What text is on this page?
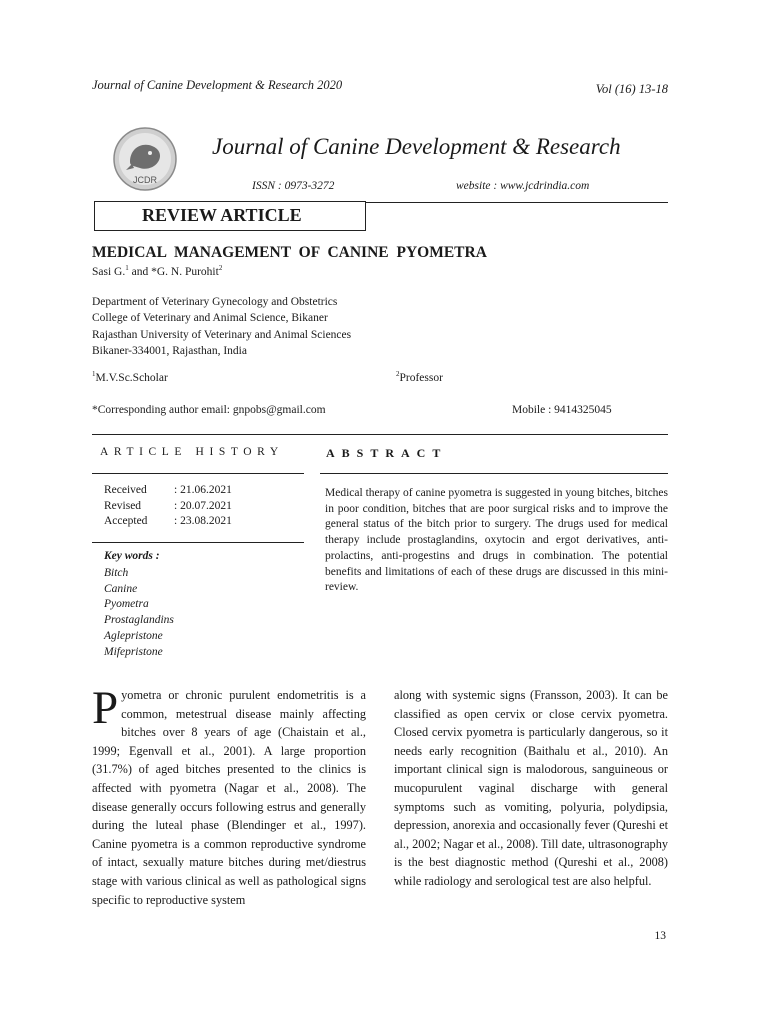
Journal of Canine Development & Research 2020	Vol (16) 13-18
JCDR
Journal of Canine Development & Research
ISSN : 0973-3272	website : www.jcdrindia.com
REVIEW ARTICLE
MEDICAL MANAGEMENT OF CANINE PYOMETRA
Sasi G.$^1$ and *G. N. Purohit$^2$
Department of Veterinary Gynecology and Obstetrics
College of Veterinary and Animal Science, Bikaner
Rajasthan University of Veterinary and Animal Sciences
Bikaner-334001, Rajasthan, India
$^1$M.V.Sc.Scholar	$^2$Professor
*Corresponding author email: gnpobs@gmail.com	Mobile : 9414325045
ARTICLE HISTORY	ABSTRACT
Received : 21.06.2021
Revised	: 20.07.2021
Accepted : 23.08.2021
Key words :
Bitch
Canine
Pyometra
Prostaglandins
Aglepristone
Mifepristone
Medical therapy of canine pyometra is suggested in young bitches, bitches in poor condition, bitches that are poor surgical risks and to improve the general status of the bitch prior to surgery. The drugs used for medical therapy include prostaglandins, oxytocin and ergot derivatives, anti-prolactins, anti-progestins and drugs in combination. The potential benefits and limitations of each of these drugs are discussed in this mini-review.
Pyometra or chronic purulent endometritis is a common, metestrual disease mainly affecting bitches over 8 years of age (Chaistain et al., 1999; Egenvall et al., 2001). A large proportion (31.7%) of aged bitches presented to the clinics is affected with pyometra (Nagar et al., 2008). The disease generally occurs following estrus and generally during the luteal phase (Blendinger et al., 1997). Canine pyometra is a common reproductive syndrome of intact, sexually mature bitches during met/diestrus stage with various clinical as well as pathological signs specific to reproductive system
along with systemic signs (Fransson, 2003). It can be classified as open cervix or close cervix pyometra. Closed cervix pyometra is particularly dangerous, so it needs early recognition (Baithalu et al., 2010). An important clinical sign is malodorous, sanguineous or mucopurulent vaginal discharge with general symptoms such as vomiting, polyuria, polydipsia, depression, anorexia and occasionally fever (Qureshi et al., 2002; Nagar et al., 2008). Till date, ultrasonography is the best diagnostic method (Qureshi et al., 2008) while radiology and serological test are also helpful.
13
